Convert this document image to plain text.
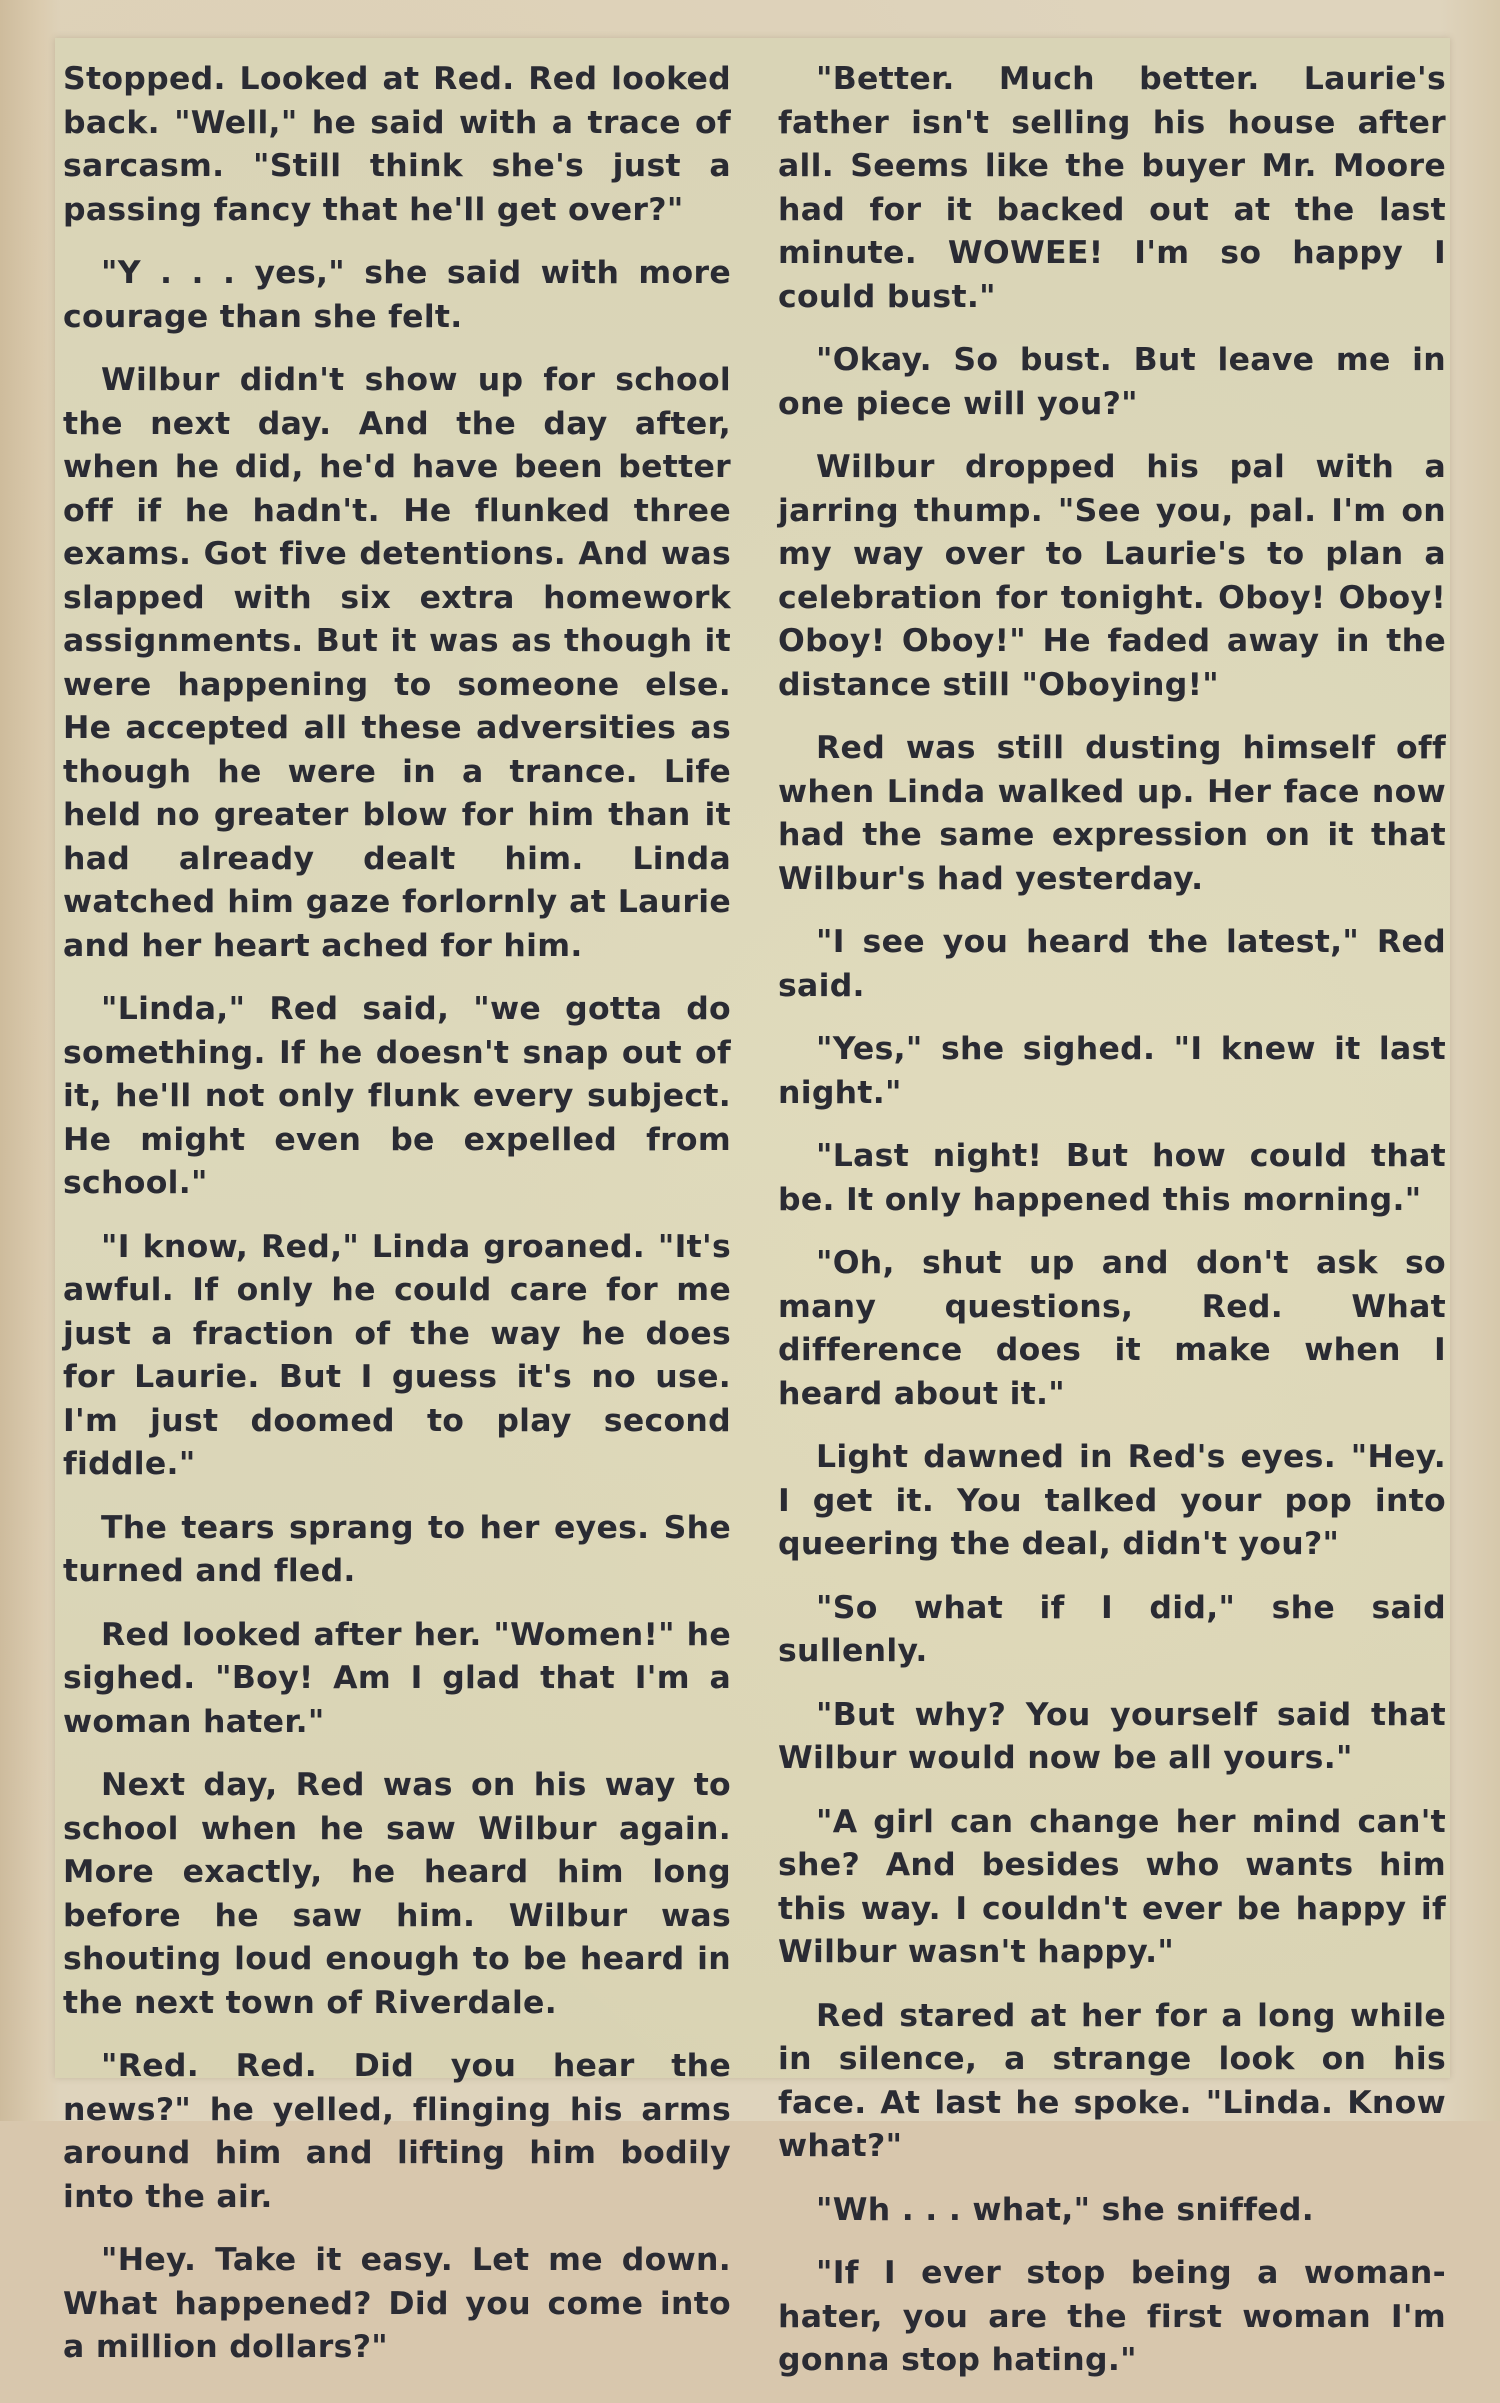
Stopped. Looked at Red. Red looked back. "Well," he said with a trace of sarcasm. "Still think she's just a passing fancy that he'll get over?"

"Y . . . yes," she said with more courage than she felt.

Wilbur didn't show up for school the next day. And the day after, when he did, he'd have been better off if he hadn't. He flunked three exams. Got five detentions. And was slapped with six extra homework assignments. But it was as though it were happening to someone else. He accepted all these adversities as though he were in a trance. Life held no greater blow for him than it had already dealt him. Linda watched him gaze forlornly at Laurie and her heart ached for him.

"Linda," Red said, "we gotta do something. If he doesn't snap out of it, he'll not only flunk every subject. He might even be expelled from school."

"I know, Red," Linda groaned. "It's awful. If only he could care for me just a fraction of the way he does for Laurie. But I guess it's no use. I'm just doomed to play second fiddle."

The tears sprang to her eyes. She turned and fled.

Red looked after her. "Women!" he sighed. "Boy! Am I glad that I'm a woman hater."

Next day, Red was on his way to school when he saw Wilbur again. More exactly, he heard him long before he saw him. Wilbur was shouting loud enough to be heard in the next town of Riverdale.

"Red. Red. Did you hear the news?" he yelled, flinging his arms around him and lifting him bodily into the air.

"Hey. Take it easy. Let me down. What happened? Did you come into a million dollars?"

"Better. Much better. Laurie's father isn't selling his house after all. Seems like the buyer Mr. Moore had for it backed out at the last minute. WOWEE! I'm so happy I could bust."

"Okay. So bust. But leave me in one piece will you?"

Wilbur dropped his pal with a jarring thump. "See you, pal. I'm on my way over to Laurie's to plan a celebration for tonight. Oboy! Oboy! Oboy! Oboy!" He faded away in the distance still "Oboying!"

Red was still dusting himself off when Linda walked up. Her face now had the same expression on it that Wilbur's had yesterday.

"I see you heard the latest," Red said.

"Yes," she sighed. "I knew it last night."

"Last night! But how could that be. It only happened this morning."

"Oh, shut up and don't ask so many questions, Red. What difference does it make when I heard about it."

Light dawned in Red's eyes. "Hey. I get it. You talked your pop into queering the deal, didn't you?"

"So what if I did," she said sullenly.

"But why? You yourself said that Wilbur would now be all yours."

"A girl can change her mind can't she? And besides who wants him this way. I couldn't ever be happy if Wilbur wasn't happy."

Red stared at her for a long while in silence, a strange look on his face. At last he spoke. "Linda. Know what?"

"Wh . . . what," she sniffed.

"If I ever stop being a woman-hater, you are the first woman I'm gonna stop hating."
